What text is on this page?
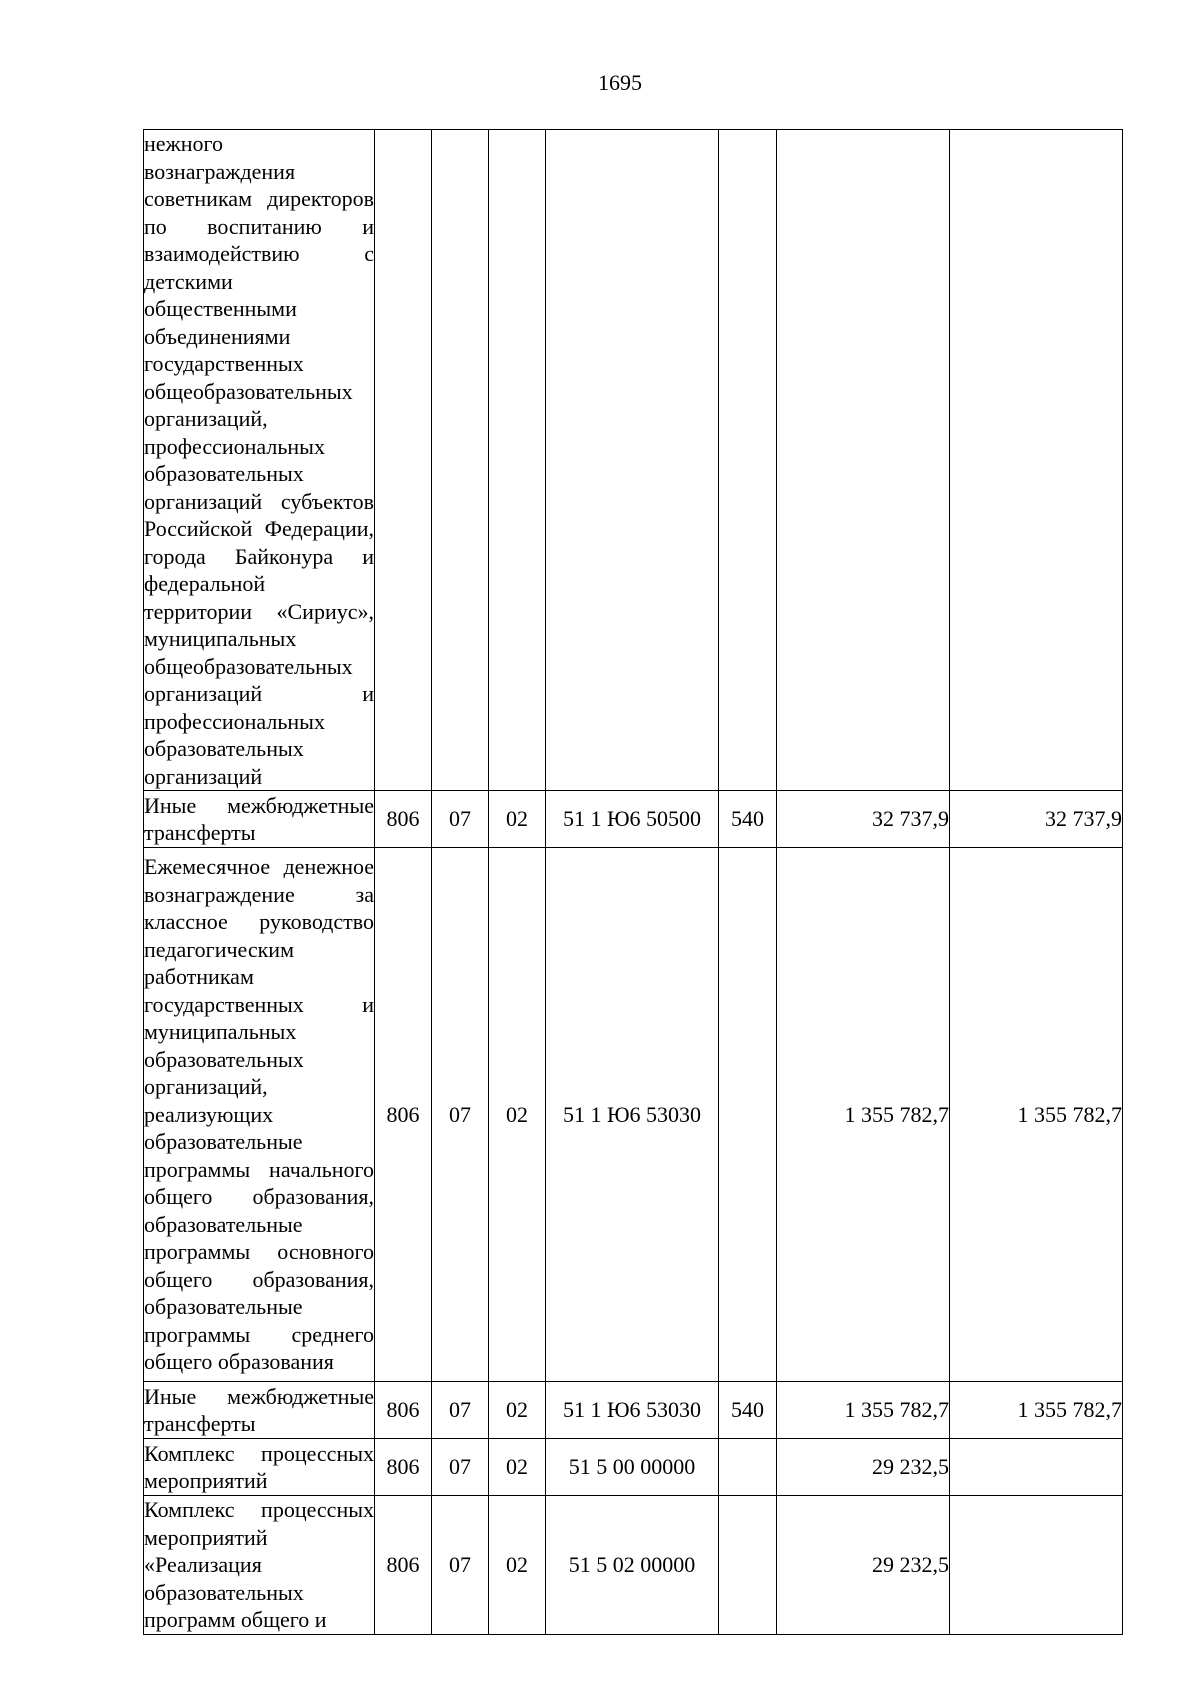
1695
нежного вознаграждения советникам директоров по воспитанию и взаимодействию с детскими общественными объединениями государственных общеобразовательных организаций, профессиональных образовательных организаций субъектов Российской Федерации, города Байконура и федеральной территории «Сириус», муниципальных общеобразовательных организаций и профессиональных образовательных организаций							
Иные межбюджетные трансферты	806	07	02	51 1 Ю6 50500	540	32 737,9	32 737,9
Ежемесячное денежное вознаграждение за классное руководство педагогическим работникам государственных и муниципальных образовательных организаций, реализующих образовательные программы начального общего образования, образовательные программы основного общего образования, образовательные программы среднего общего образования	806	07	02	51 1 Ю6 53030		1 355 782,7	1 355 782,7
Иные межбюджетные трансферты	806	07	02	51 1 Ю6 53030	540	1 355 782,7	1 355 782,7
Комплекс процессных мероприятий	806	07	02	51 5 00 00000		29 232,5	
Комплекс процессных мероприятий «Реализация образовательных программ общего и	806	07	02	51 5 02 00000		29 232,5	
